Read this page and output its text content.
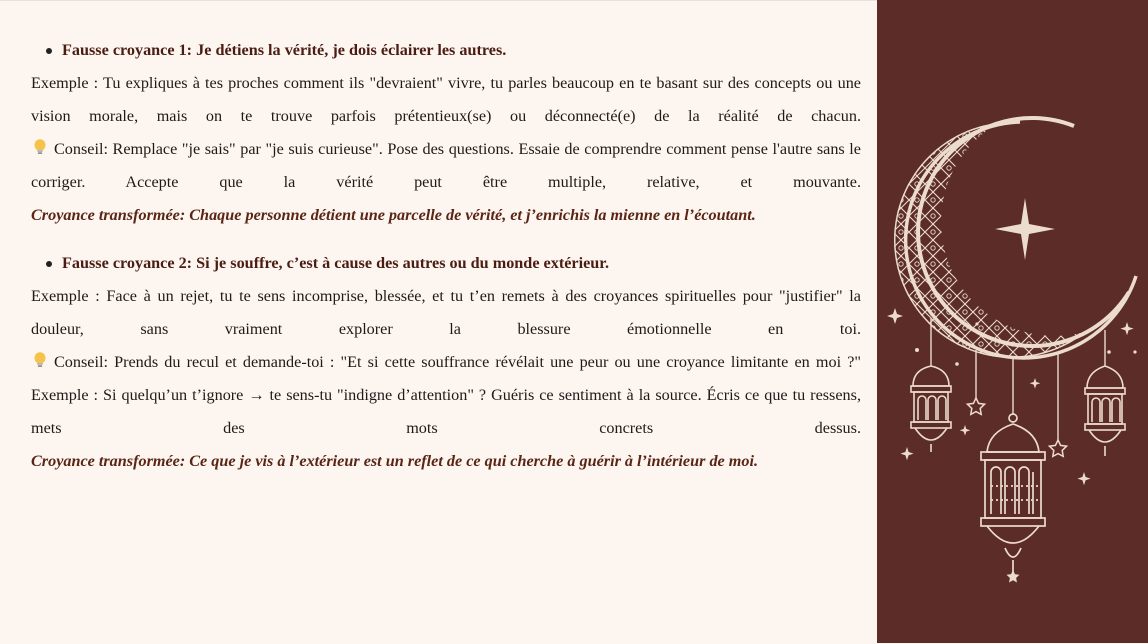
Fausse croyance 1: Je détiens la vérité, je dois éclairer les autres.

Exemple : Tu expliques à tes proches comment ils "devraient" vivre, tu parles beaucoup en te basant sur des concepts ou une vision morale, mais on te trouve parfois prétentieux(se) ou déconnecté(e) de la réalité de chacun.

Conseil: Remplace "je sais" par "je suis curieuse". Pose des questions. Essaie de comprendre comment pense l'autre sans le corriger. Accepte que la vérité peut être multiple, relative, et mouvante.

Croyance transformée: Chaque personne détient une parcelle de vérité, et j’enrichis la mienne en l’écoutant.

Fausse croyance 2: Si je souffre, c’est à cause des autres ou du monde extérieur.

Exemple : Face à un rejet, tu te sens incomprise, blessée, et tu t’en remets à des croyances spirituelles pour "justifier" la douleur, sans vraiment explorer la blessure émotionnelle en toi.

Conseil: Prends du recul et demande-toi : "Et si cette souffrance révélait une peur ou une croyance limitante en moi ?"

Exemple : Si quelqu’un t’ignore → te sens-tu "indigne d’attention" ? Guéris ce sentiment à la source. Écris ce que tu ressens, mets des mots concrets dessus.

Croyance transformée: Ce que je vis à l’extérieur est un reflet de ce qui cherche à guérir à l’intérieur de moi.
